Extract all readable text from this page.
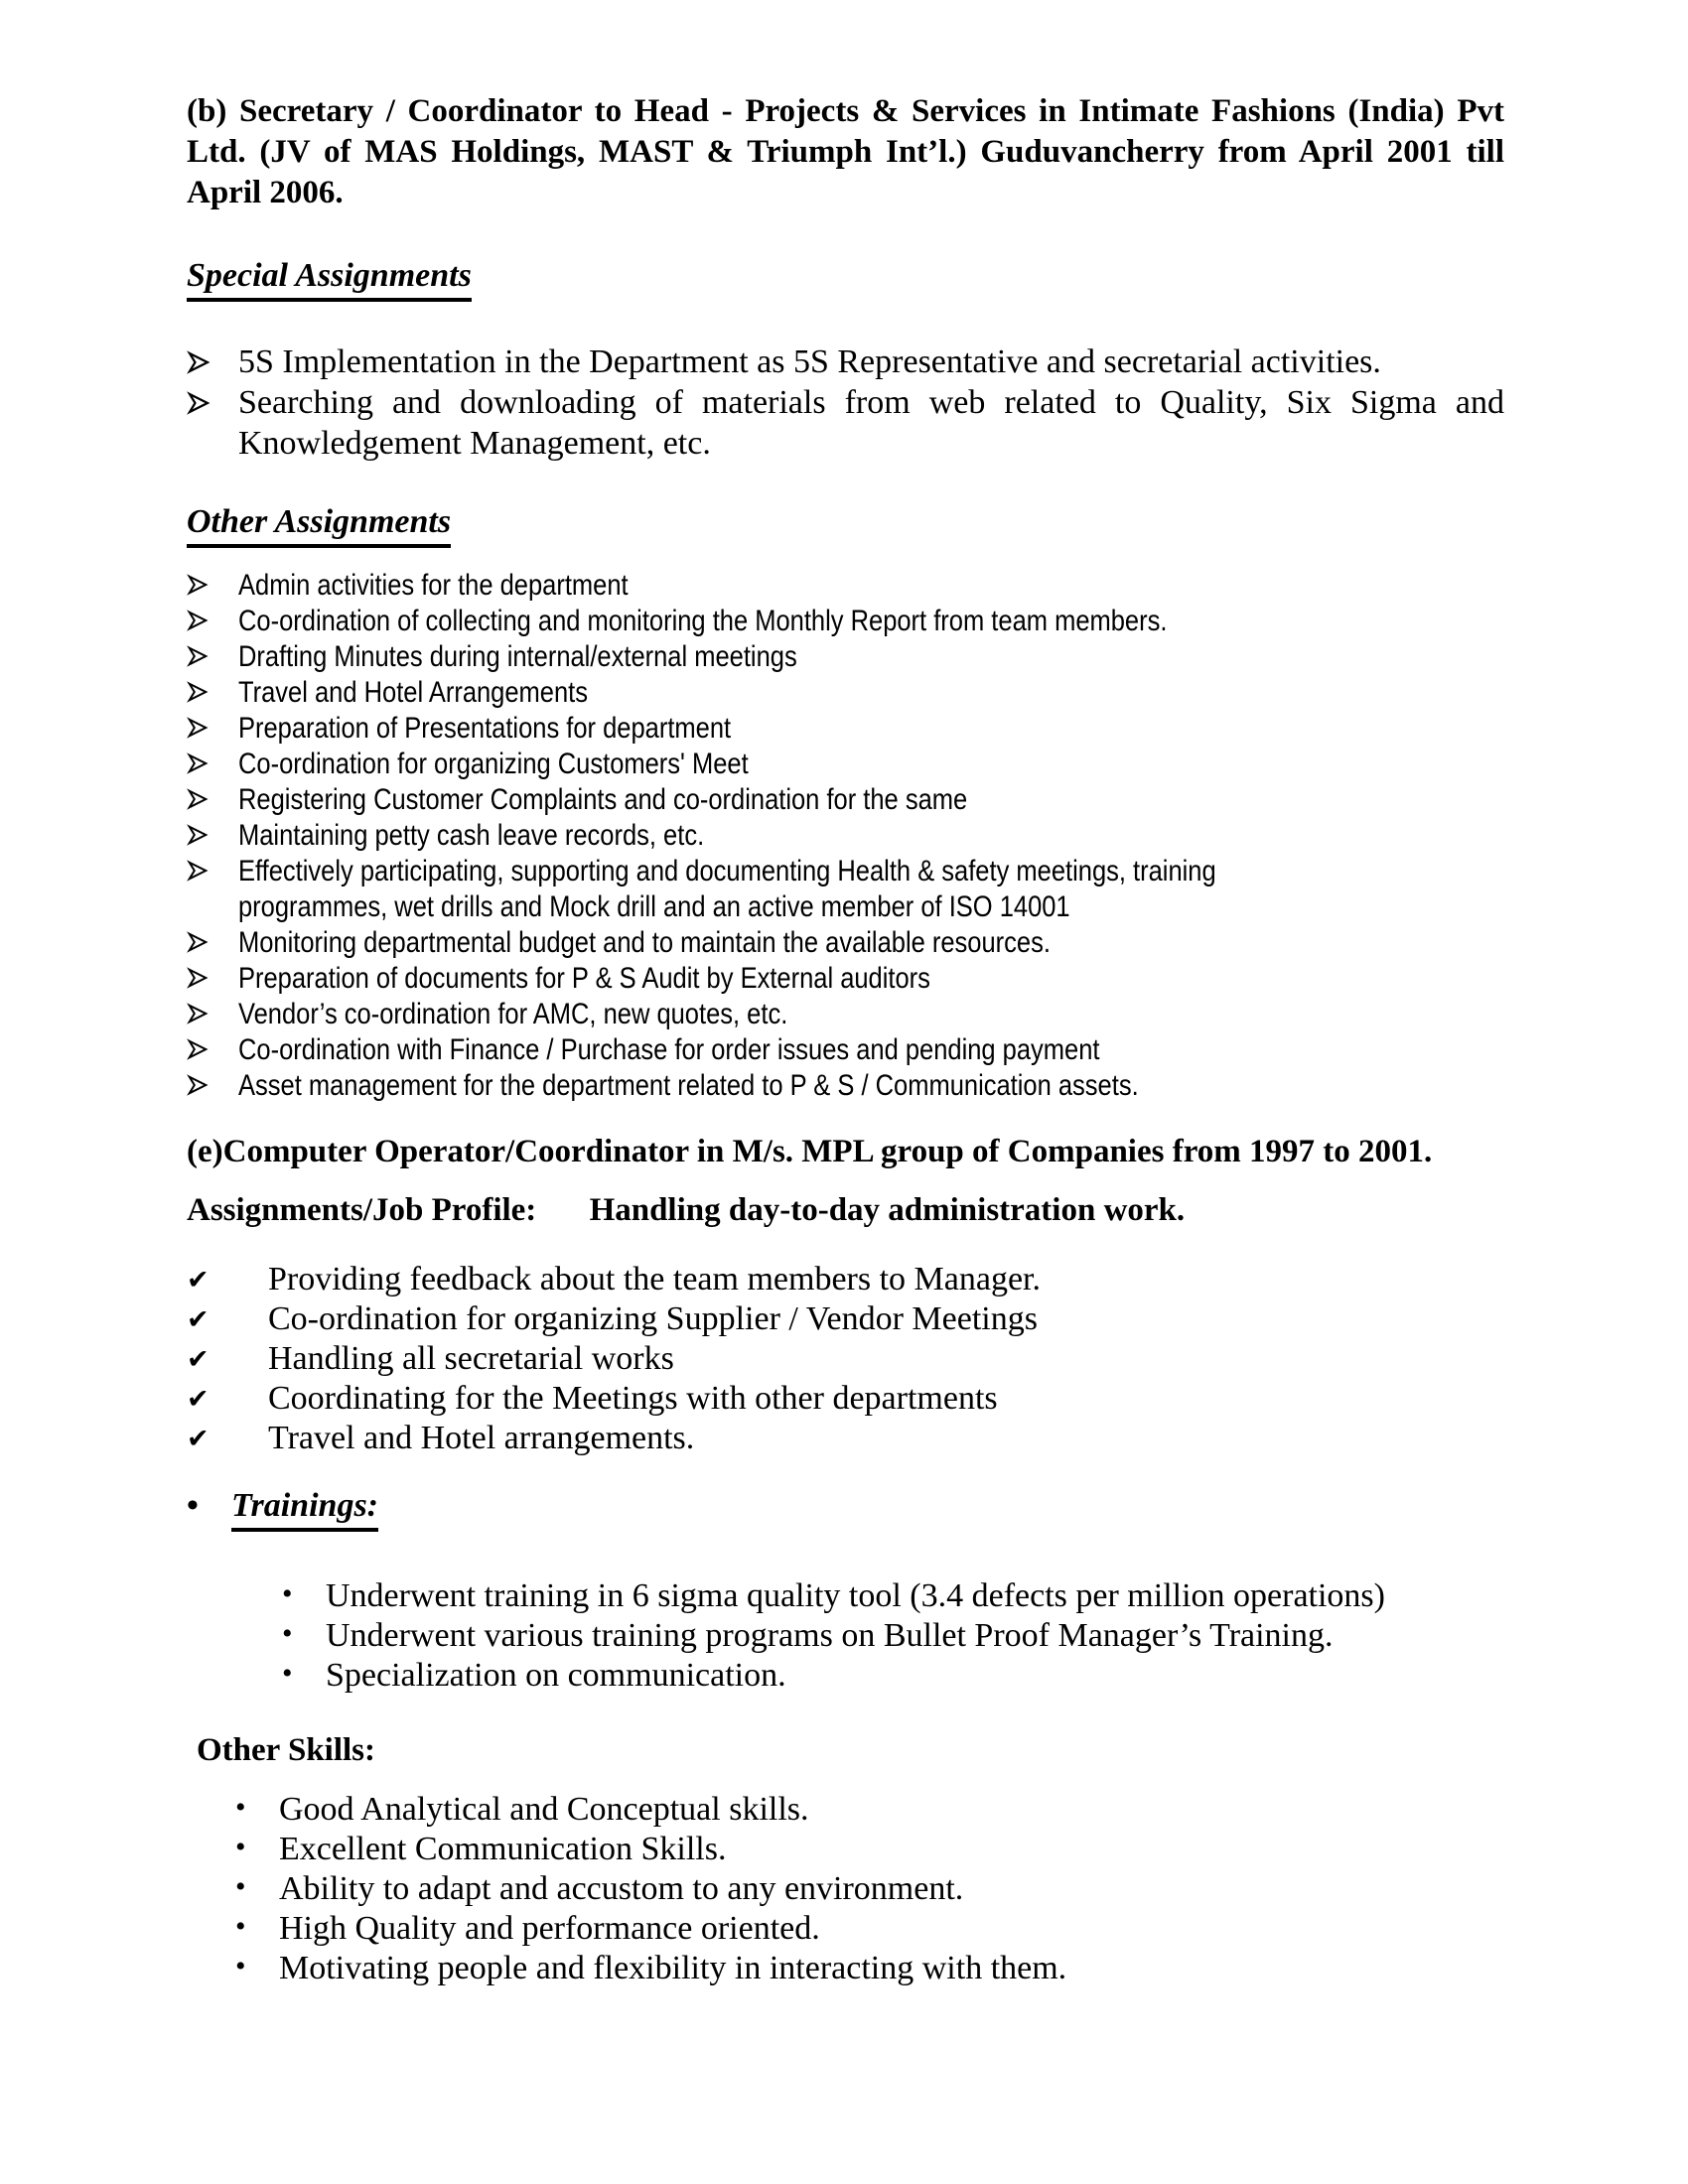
(b) Secretary / Coordinator to Head - Projects & Services in Intimate Fashions (India) Pvt Ltd. (JV of MAS Holdings, MAST & Triumph Int’l.) Guduvancherry from April 2001 till April 2006.
Special Assignments
5S Implementation in the Department as 5S Representative and secretarial activities.
Searching and downloading of materials from web related to Quality, Six Sigma and Knowledgement Management, etc.
Other Assignments
Admin activities for the department
Co-ordination of collecting and monitoring the Monthly Report from team members.
Drafting Minutes during internal/external meetings
Travel and Hotel Arrangements
Preparation of Presentations for department
Co-ordination for organizing Customers' Meet
Registering Customer Complaints and co-ordination for the same
Maintaining petty cash leave records, etc.
Effectively participating, supporting and documenting Health & safety meetings, training programmes, wet drills and Mock drill and an active member of ISO 14001
Monitoring departmental budget and to maintain the available resources.
Preparation of documents for P & S Audit by External auditors
Vendor’s co-ordination for AMC, new quotes, etc.
Co-ordination with Finance / Purchase for order issues and pending payment
Asset management for the department related to P & S / Communication assets.
(e)Computer Operator/Coordinator in M/s. MPL group of Companies from 1997 to 2001.
Assignments/Job Profile: Handling day-to-day administration work.
✔	Providing feedback about the team members to Manager.
✔	Co-ordination for organizing Supplier / Vendor Meetings
✔	Handling all secretarial works
✔	Coordinating for the Meetings with other departments
✔	Travel and Hotel arrangements.
• Trainings:
• Underwent training in 6 sigma quality tool (3.4 defects per million operations)
• Underwent various training programs on Bullet Proof Manager’s Training.
• Specialization on communication.
Other Skills:
• Good Analytical and Conceptual skills.
• Excellent Communication Skills.
• Ability to adapt and accustom to any environment.
• High Quality and performance oriented.
• Motivating people and flexibility in interacting with them.
